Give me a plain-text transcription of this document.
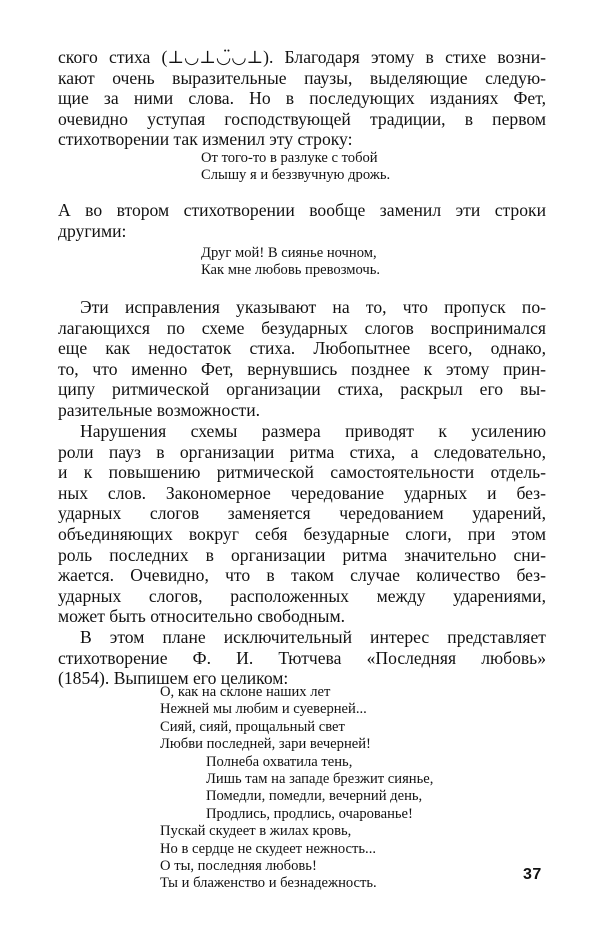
ского стиха (⊥◡⊥◡̈◡⊥). Благодаря этому в стихе возни-
кают очень выразительные паузы, выделяющие следую-
щие за ними слова. Но в последующих изданиях Фет,
очевидно уступая господствующей традиции, в первом
стихотворении так изменил эту строку:
От того-то в разлуке с тобой
Слышу я и беззвучную дрожь.
А во втором стихотворении вообще заменил эти строки
другими:
Друг мой! В сиянье ночном,
Как мне любовь превозмочь.
Эти исправления указывают на то, что пропуск по-
лагающихся по схеме безударных слогов воспринимался
еще как недостаток стиха. Любопытнее всего, однако,
то, что именно Фет, вернувшись позднее к этому прин-
ципу ритмической организации стиха, раскрыл его вы-
разительные возможности.
Нарушения схемы размера приводят к усилению
роли пауз в организации ритма стиха, а следовательно,
и к повышению ритмической самостоятельности отдель-
ных слов. Закономерное чередование ударных и без-
ударных слогов заменяется чередованием ударений,
объединяющих вокруг себя безударные слоги, при этом
роль последних в организации ритма значительно сни-
жается. Очевидно, что в таком случае количество без-
ударных слогов, расположенных между ударениями,
может быть относительно свободным.
В этом плане исключительный интерес представляет
стихотворение Ф. И. Тютчева «Последняя любовь»
(1854). Выпишем его целиком:
О, как на склоне наших лет
Нежней мы любим и суеверней...
Сияй, сияй, прощальный свет
Любви последней, зари вечерней!
Полнеба охватила тень,
Лишь там на западе брезжит сиянье,
Помедли, помедли, вечерний день,
Продлись, продлись, очарованье!
Пускай скудеет в жилах кровь,
Но в сердце не скудеет нежность...
О ты, последняя любовь!
Ты и блаженство и безнадежность.
37
